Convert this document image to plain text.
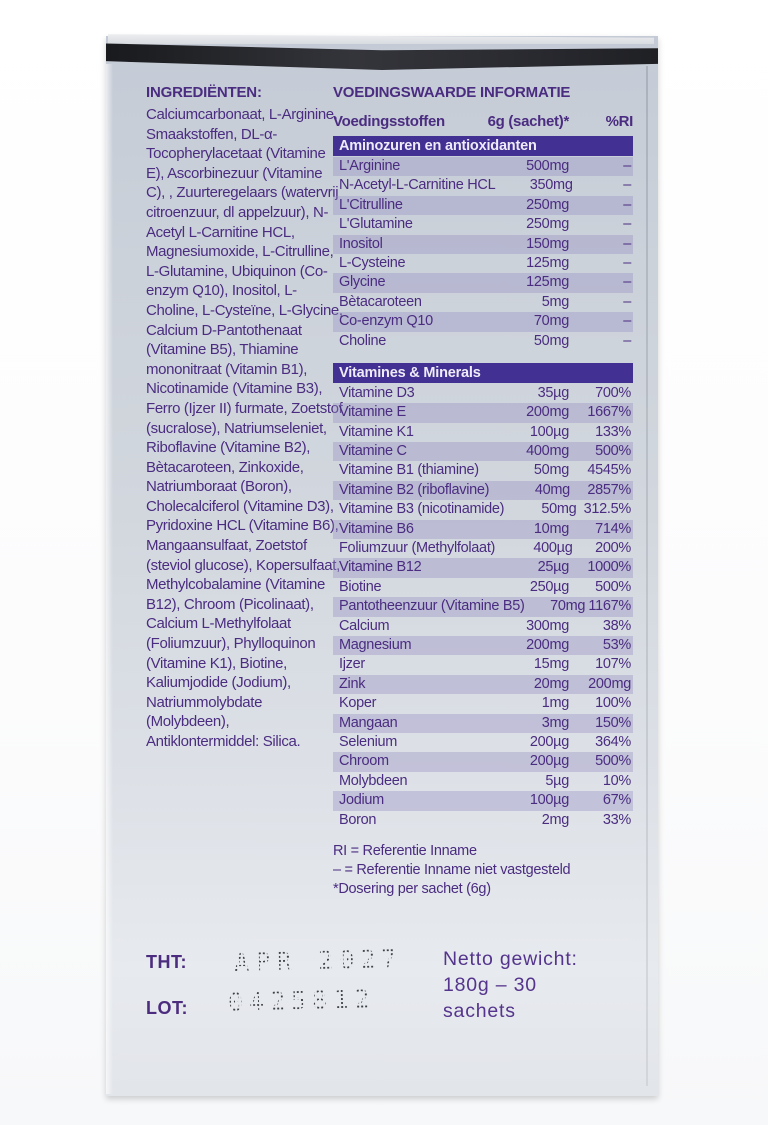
INGREDIËNTEN:
Calciumcarbonaat, L-Arginine, Smaakstoffen, DL-α-Tocopherylacetaat (Vitamine E), Ascorbinezuur (Vitamine C), , Zuurteregelaars (watervrij citroenzuur, dl appelzuur), N-Acetyl L-Carnitine HCL, Magnesiumoxide, L-Citrulline, L-Glutamine, Ubiquinon (Co-enzym Q10), Inositol, L-Choline, L-Cysteïne, L-Glycine, Calcium D-Pantothenaat (Vitamine B5), Thiamine mononitraat (Vitamin B1), Nicotinamide (Vitamine B3), Ferro (Ijzer II) furmate, Zoetstof (sucralose), Natriumseleniet, Riboflavine (Vitamine B2), Bètacaroteen, Zinkoxide, Natriumboraat (Boron), Cholecalciferol (Vitamine D3), Pyridoxine HCL (Vitamine B6), Mangaansulfaat, Zoetstof (steviol glucose), Kopersulfaat, Methylcobalamine (Vitamine B12), Chroom (Picolinaat), Calcium L-Methylfolaat (Foliumzuur), Phylloquinon (Vitamine K1), Biotine, Kaliumjodide (Jodium), Natriummolybdate (Molybdeen), Antiklontermiddel: Silica.
VOEDINGSWAARDE INFORMATIE
Voedingsstoffen	6g (sachet)*	%RI
Aminozuren en antioxidanten
L'Arginine	500mg	–
N-Acetyl-L-Carnitine HCL	350mg	–
L'Citrulline	250mg	–
L'Glutamine	250mg	–
Inositol	150mg	–
L-Cysteine	125mg	–
Glycine	125mg	–
Bètacaroteen	5mg	–
Co-enzym Q10	70mg	–
Choline	50mg	–
Vitamines & Minerals
Vitamine D3	35µg	700%
Vitamine E	200mg	1667%
Vitamine K1	100µg	133%
Vitamine C	400mg	500%
Vitamine B1 (thiamine)	50mg	4545%
Vitamine B2 (riboflavine)	40mg	2857%
Vitamine B3 (nicotinamide)	50mg 312.5%
Vitamine B6	10mg	714%
Foliumzuur (Methylfolaat)	400µg	200%
Vitamine B12	25µg	1000%
Biotine	250µg	500%
Pantotheenzuur (Vitamine B5)	70mg 1167%
Calcium	300mg	38%
Magnesium	200mg	53%
Ijzer	15mg	107%
Zink	20mg	200mg
Koper	1mg	100%
Mangaan	3mg	150%
Selenium	200µg	364%
Chroom	200µg	500%
Molybdeen	5µg	10%
Jodium	100µg	67%
Boron	2mg	33%
RI = Referentie Inname
– = Referentie Inname niet vastgesteld
*Dosering per sachet (6g)
THT: APR 2027
LOT: 0425812
Netto gewicht:
180g – 30
sachets
